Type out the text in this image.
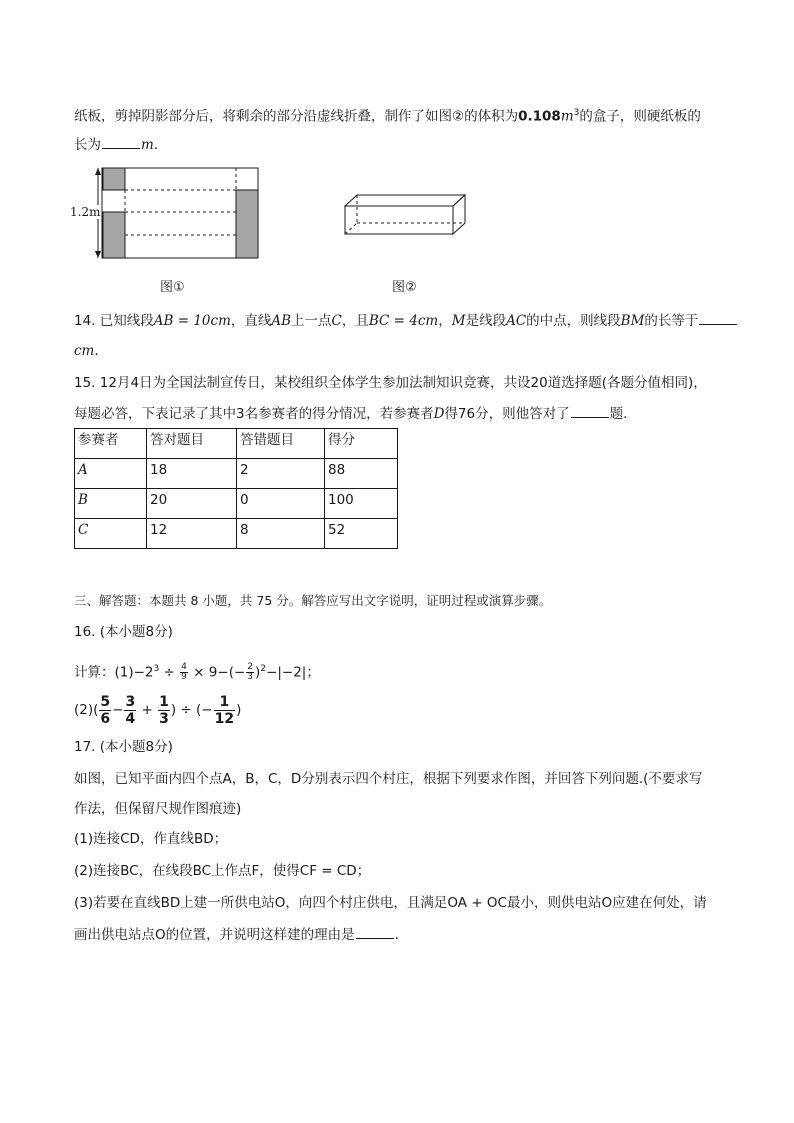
纸板，剪掉阴影部分后，将剩余的部分沿虚线折叠，制作了如图②的体积为$0.108m^3$的盒子，则硬纸板的
长为	m.
1.2m
图①	图②
14. 已知线段AB = 10cm，直线AB上一点C，且BC = 4cm，M是线段AC的中点，则线段BM的长等于
cm.
15. 12月4日为全国法制宣传日，某校组织全体学生参加法制知识竞赛，共设20道选择题(各题分值相同)，
每题必答，下表记录了其中3名参赛者的得分情况，若参赛者D得76分，则他答对了	题.
参赛者	答对题目	答错题目	得分
A	18	2	88
B	20	0	100
C	12	8	52
三、解答题：本题共 8 小题，共 75 分。解答应写出文字说明，证明过程或演算步骤。
16. (本小题8分)
计算：$(1)-2^3 \div \frac{4}{9} \times 9-(- \frac{2}{3} )^2-|-2|$；
$(2)( \frac{5}{6} - \frac{3}{4} + \frac{1}{3}$ ) ÷ (− $\frac{1}{12}$ )
17. (本小题8分)
如图，已知平面内四个点A，B，C，D分别表示四个村庄，根据下列要求作图，并回答下列问题.(不要求写
作法，但保留尺规作图痕迹)
(1)连接CD，作直线BD；
(2)连接BC，在线段BC上作点F，使得CF = CD；
(3)若要在直线BD上建一所供电站O，向四个村庄供电，且满足OA + OC最小，则供电站O应建在何处，请
画出供电站点O的位置，并说明这样建的理由是	.
